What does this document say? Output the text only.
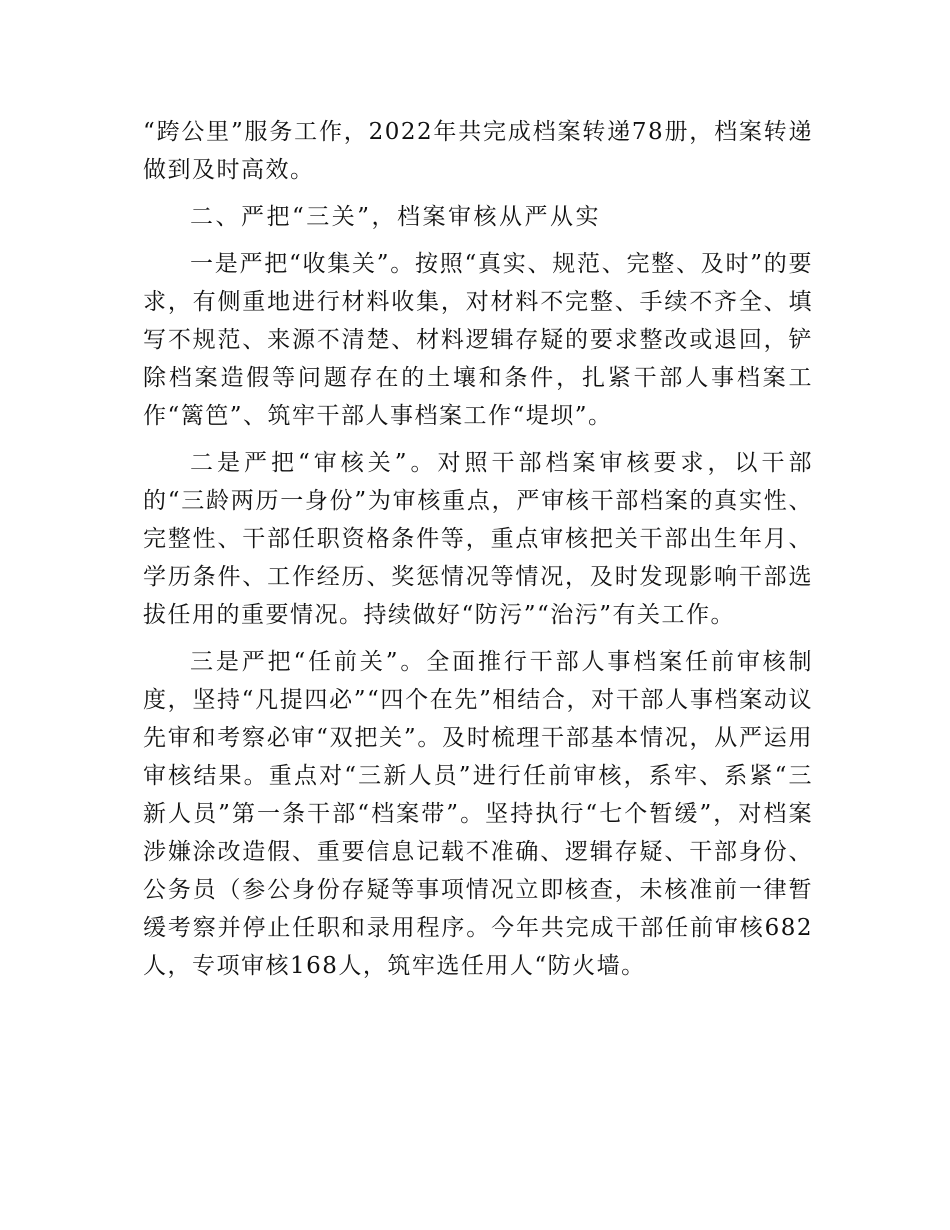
“跨公里”服务工作，2022年共完成档案转递78册，档案转递做到及时高效。

二、严把“三关”，档案审核从严从实

一是严把“收集关”。按照“真实、规范、完整、及时”的要求，有侧重地进行材料收集，对材料不完整、手续不齐全、填写不规范、来源不清楚、材料逻辑存疑的要求整改或退回，铲除档案造假等问题存在的土壤和条件，扎紧干部人事档案工作“篱笆”、筑牢干部人事档案工作“堤坝”。

二是严把“审核关”。对照干部档案审核要求，以干部的“三龄两历一身份”为审核重点，严审核干部档案的真实性、完整性、干部任职资格条件等，重点审核把关干部出生年月、学历条件、工作经历、奖惩情况等情况，及时发现影响干部选拔任用的重要情况。持续做好“防污”“治污”有关工作。

三是严把“任前关”。全面推行干部人事档案任前审核制度，坚持“凡提四必”“四个在先”相结合，对干部人事档案动议先审和考察必审“双把关”。及时梳理干部基本情况，从严运用审核结果。重点对“三新人员”进行任前审核，系牢、系紧“三新人员”第一条干部“档案带”。坚持执行“七个暂缓”，对档案涉嫌涂改造假、重要信息记载不准确、逻辑存疑、干部身份、公务员（参公身份存疑等事项情况立即核查，未核准前一律暂缓考察并停止任职和录用程序。今年共完成干部任前审核682人，专项审核168人，筑牢选任用人“防火墙。
